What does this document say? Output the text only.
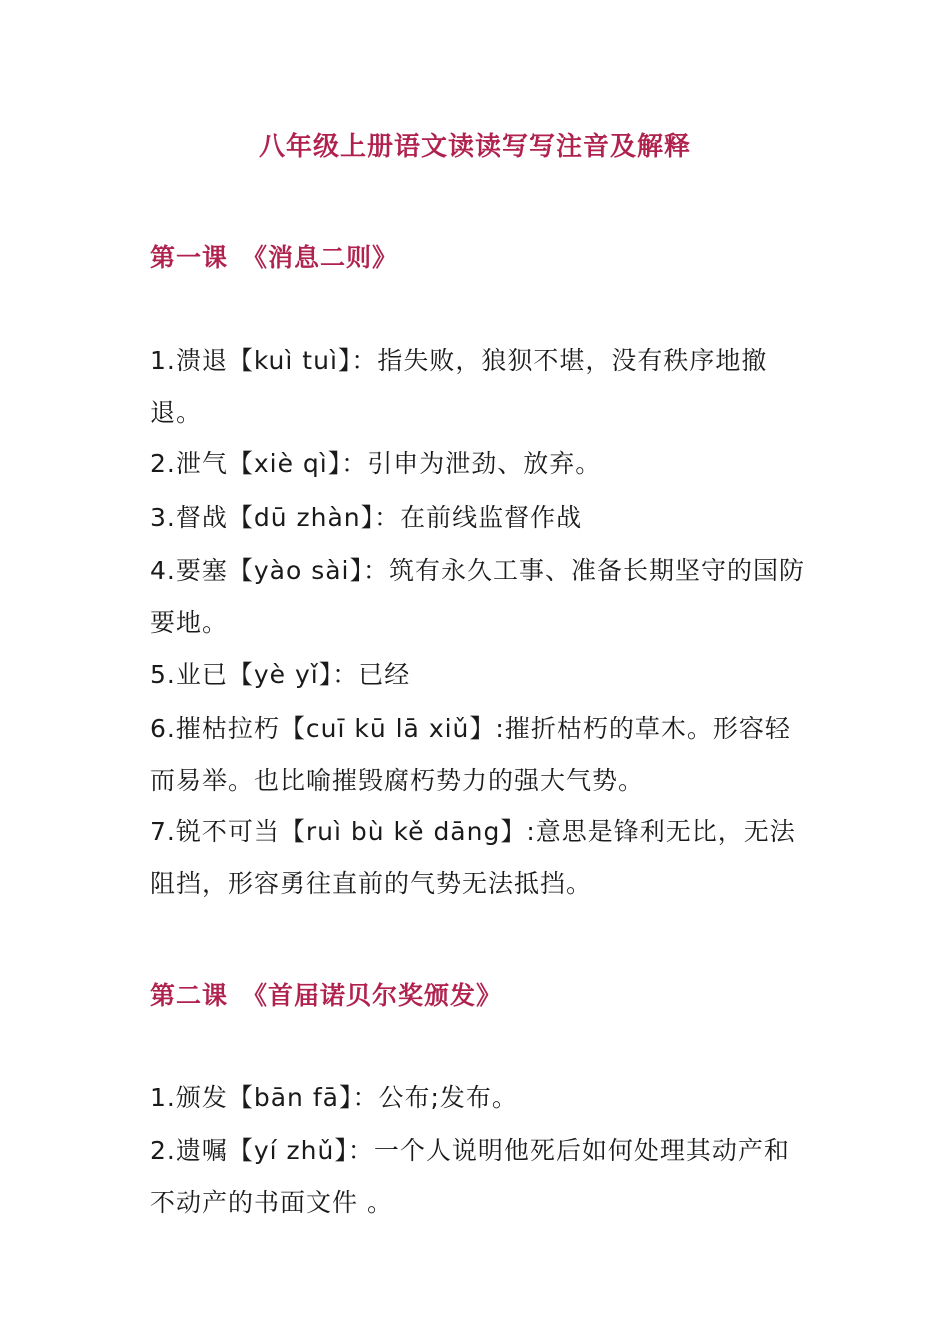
八年级上册语文读读写写注音及解释
第一课 《消息二则》
1.溃退【kuì tuì】：指失败，狼狈不堪，没有秩序地撤退。
2.泄气【xiè qì】：引申为泄劲、放弃。
3.督战【dū zhàn】：在前线监督作战
4.要塞【yào sài】：筑有永久工事、准备长期坚守的国防要地。
5.业已【yè yǐ】：已经
6.摧枯拉朽【cuī kū lā xiǔ】:摧折枯朽的草木。形容轻而易举。也比喻摧毁腐朽势力的强大气势。
7.锐不可当【ruì bù kě dāng】:意思是锋利无比，无法阻挡，形容勇往直前的气势无法抵挡。
第二课 《首届诺贝尔奖颁发》
1.颁发【bān fā】：公布;发布。
2.遗嘱【yí zhǔ】：一个人说明他死后如何处理其动产和不动产的书面文件 。
